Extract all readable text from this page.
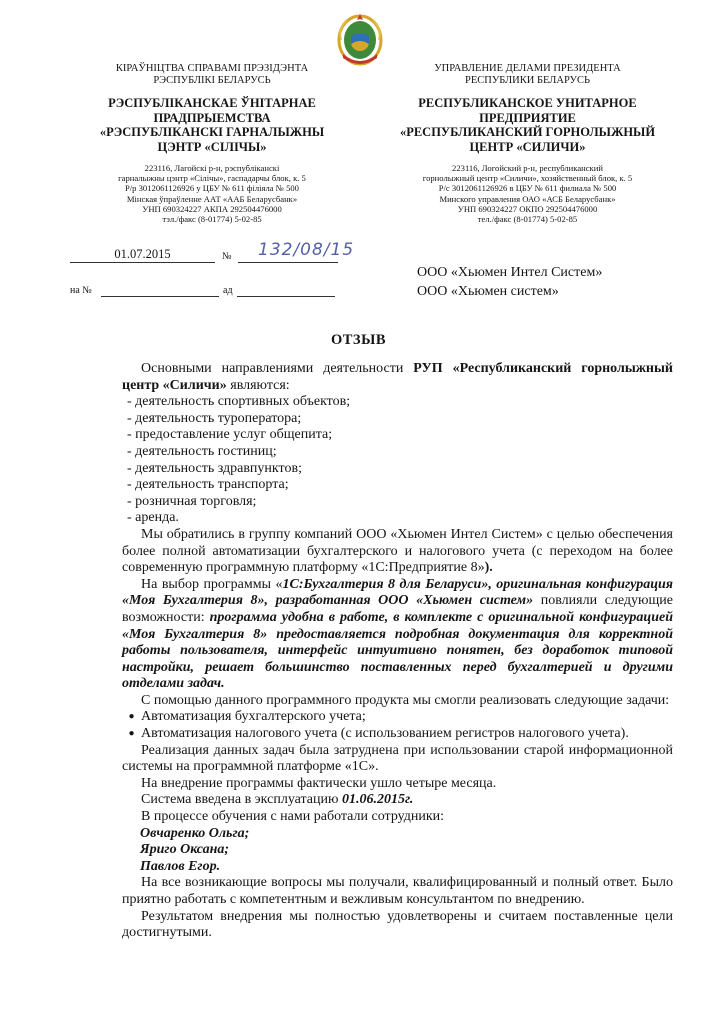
КІРАЎНІЦТВА СПРАВАМІ ПРЭЗІДЭНТА
РЭСПУБЛІКІ БЕЛАРУСЬ
РЭСПУБЛІКАНСКАЕ ЎНІТАРНАЕ
ПРАДПРЫЕМСТВА
«РЭСПУБЛІКАНСКІ ГАРНАЛЫЖНЫ
ЦЭНТР «СІЛІЧЫ»
223116, Лагойскі р-н, рэспубліканскі
гарналыжны цэнтр «Сілічы», гаспадарчы блок, к. 5
Р/р 3012061126926 у ЦБУ № 611 філіяла № 500
Мінская ўпраўленне ААТ «ААБ Беларусбанк»
УНП 690324227 АКПА 292504476000
тэл./факс (8-01774) 5-02-85
УПРАВЛЕНИЕ ДЕЛАМИ ПРЕЗИДЕНТА
РЕСПУБЛИКИ БЕЛАРУСЬ
РЕСПУБЛИКАНСКОЕ УНИТАРНОЕ
ПРЕДПРИЯТИЕ
«РЕСПУБЛИКАНСКИЙ ГОРНОЛЫЖНЫЙ
ЦЕНТР «СИЛИЧИ»
223116, Логойский р-н, республиканский
горнолыжный центр «Силичи», хозяйственный блок, к. 5
Р/с 3012061126926 в ЦБУ № 611 филиала № 500
Минского управления ОАО «АСБ Беларусбанк»
УНП 690324227 ОКПО 292504476000
тел./факс (8-01774) 5-02-85
01.07.2015	№ 132/08/15
на №	ад
ООО «Хьюмен Интел Систем»
ООО «Хьюмен систем»
ОТЗЫВ

Основными направлениями деятельности РУП «Республиканский горнолыжный центр «Силичи» являются:

- деятельность спортивных объектов;
- деятельность туроператора;
- предоставление услуг общепита;
- деятельность гостиниц;
- деятельность здравпунктов;
- деятельность транспорта;
- розничная торговля;
- аренда.

Мы обратились в группу компаний ООО «Хьюмен Интел Систем» с целью обеспечения более полной автоматизации бухгалтерского и налогового учета (с переходом на более современную программную платформу «1С:Предприятие 8»).

На выбор программы «1С:Бухгалтерия 8 для Беларуси», оригинальная конфигурация «Моя Бухгалтерия 8», разработанная ООО «Хьюмен систем» повлияли следующие возможности: программа удобна в работе, в комплекте с оригинальной конфигурацией «Моя Бухгалтерия 8» предоставляется подробная документация для корректной работы пользователя, интерфейс интуитивно понятен, без доработок типовой настройки, решает большинство поставленных перед бухгалтерией и другими отделами задач.

С помощью данного программного продукта мы смогли реализовать следующие задачи:

● Автоматизация бухгалтерского учета;
● Автоматизация налогового учета (с использованием регистров налогового учета).

Реализация данных задач была затруднена при использовании старой информационной системы на программной платформе «1С».

На внедрение программы фактически ушло четыре месяца.

Система введена в эксплуатацию 01.06.2015г.

В процессе обучения с нами работали сотрудники:

Овчаренко Ольга;
Яриго Оксана;
Павлов Егор.

На все возникающие вопросы мы получали, квалифицированный и полный ответ. Было приятно работать с компетентным и вежливым консультантом по внедрению.

Результатом внедрения мы полностью удовлетворены и считаем поставленные цели достигнутыми.
